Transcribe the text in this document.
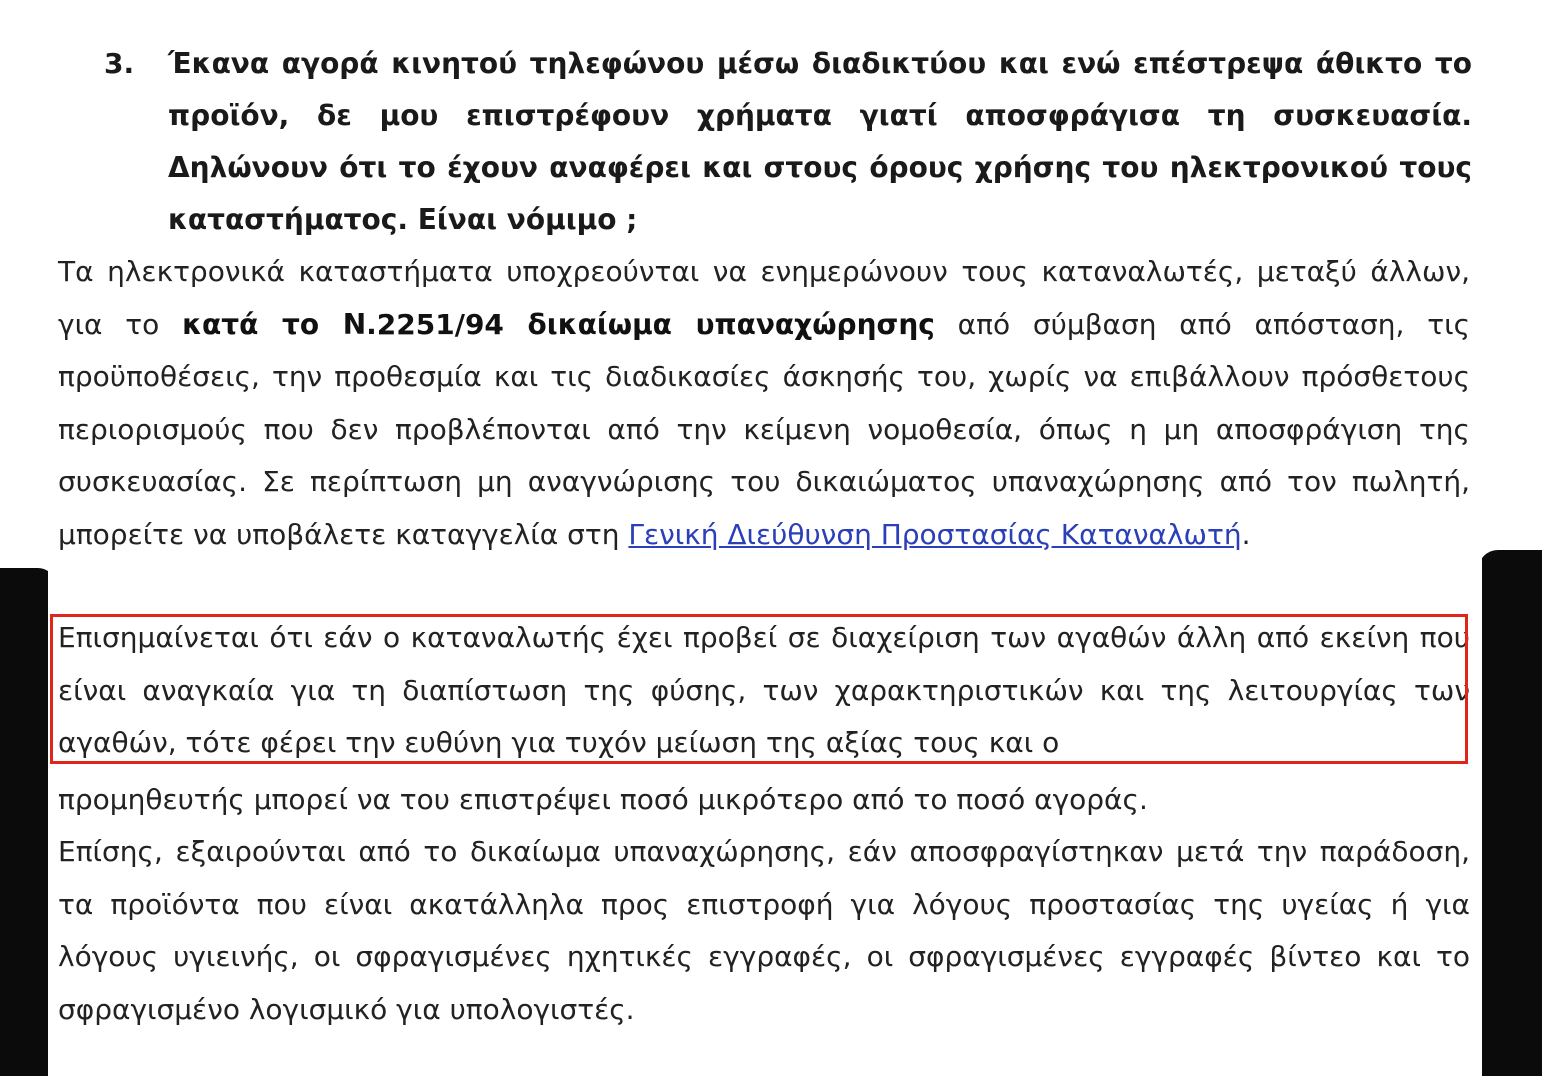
3. Έκανα αγορά κινητού τηλεφώνου μέσω διαδικτύου και ενώ επέστρεψα άθικτο το προϊόν, δε μου επιστρέφουν χρήματα γιατί αποσφράγισα τη συσκευασία. Δηλώνουν ότι το έχουν αναφέρει και στους όρους χρήσης του ηλεκτρονικού τους καταστήματος. Είναι νόμιμο ;
Τα ηλεκτρονικά καταστήματα υποχρεούνται να ενημερώνουν τους καταναλωτές, μεταξύ άλλων, για το κατά το Ν.2251/94 δικαίωμα υπαναχώρησης από σύμβαση από απόσταση, τις προϋποθέσεις, την προθεσμία και τις διαδικασίες άσκησής του, χωρίς να επιβάλλουν πρόσθετους περιορισμούς που δεν προβλέπονται από την κείμενη νομοθεσία, όπως η μη αποσφράγιση της συσκευασίας. Σε περίπτωση μη αναγνώρισης του δικαιώματος υπαναχώρησης από τον πωλητή, μπορείτε να υποβάλετε καταγγελία στη Γενική Διεύθυνση Προστασίας Καταναλωτή.
Επισημαίνεται ότι εάν ο καταναλωτής έχει προβεί σε διαχείριση των αγαθών άλλη από εκείνη που είναι αναγκαία για τη διαπίστωση της φύσης, των χαρακτηριστικών και της λειτουργίας των αγαθών, τότε φέρει την ευθύνη για τυχόν μείωση της αξίας τους και ο
προμηθευτής μπορεί να του επιστρέψει ποσό μικρότερο από το ποσό αγοράς.
Επίσης, εξαιρούνται από το δικαίωμα υπαναχώρησης, εάν αποσφραγίστηκαν μετά την παράδοση, τα προϊόντα που είναι ακατάλληλα προς επιστροφή για λόγους προστασίας της υγείας ή για λόγους υγιεινής, οι σφραγισμένες ηχητικές εγγραφές, οι σφραγισμένες εγγραφές βίντεο και το σφραγισμένο λογισμικό για υπολογιστές.
